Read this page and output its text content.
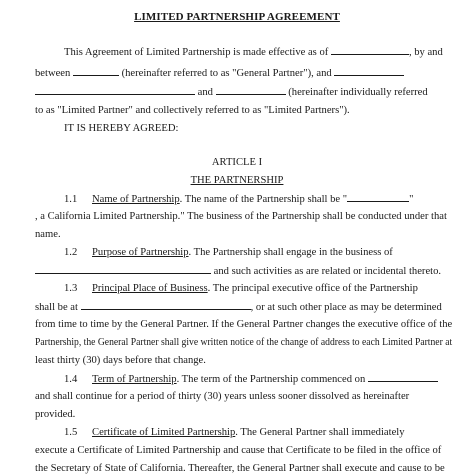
LIMITED PARTNERSHIP AGREEMENT
This Agreement of Limited Partnership is made effective as of	, by and
between	(hereinafter referred to as "General Partner"), and
and	(hereinafter individually referred
to as "Limited Partner" and collectively referred to as "Limited Partners").
IT IS HEREBY AGREED:
ARTICLE I
THE PARTNERSHIP
1.1 Name of Partnership. The name of the Partnership shall be "	"
, a California Limited Partnership." The business of the Partnership shall be conducted under that
name.
1.2 Purpose of Partnership. The Partnership shall engage in the business of
and such activities as are related or incidental thereto.
1.3 Principal Place of Business. The principal executive office of the Partnership
shall be at	, or at such other place as may be determined
from time to time by the General Partner. If the General Partner changes the executive office of the
Partnership, the General Partner shall give written notice of the change of address to each Limited Partner at
least thirty (30) days before that change.
1.4 Term of Partnership. The term of the Partnership commenced on
and shall continue for a period of thirty (30) years unless sooner dissolved as hereinafter
provided.
1.5 Certificate of Limited Partnership. The General Partner shall immediately
execute a Certificate of Limited Partnership and cause that Certificate to be filed in the office of
the Secretary of State of California. Thereafter, the General Partner shall execute and cause to be
